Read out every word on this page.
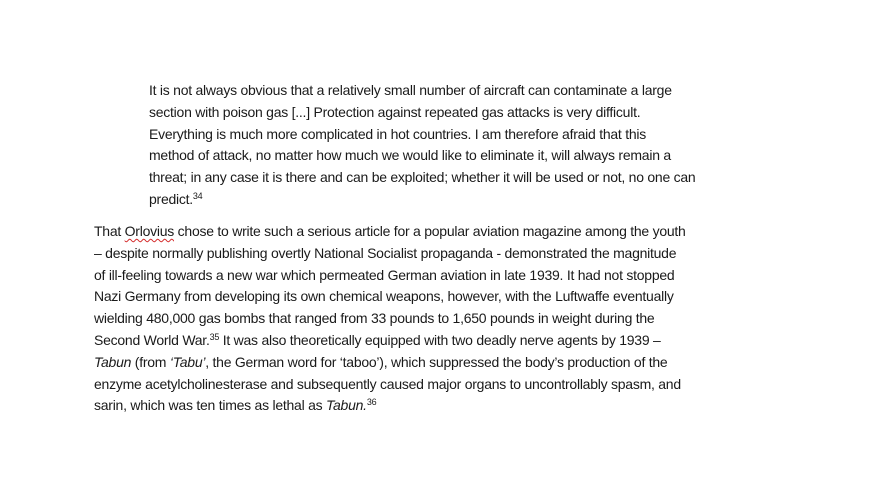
It is not always obvious that a relatively small number of aircraft can contaminate a large
section with poison gas [...] Protection against repeated gas attacks is very difficult.
Everything is much more complicated in hot countries. I am therefore afraid that this
method of attack, no matter how much we would like to eliminate it, will always remain a
threat; in any case it is there and can be exploited; whether it will be used or not, no one can
predict.$^{34}$

That Orlovius chose to write such a serious article for a popular aviation magazine among the youth
– despite normally publishing overtly National Socialist propaganda - demonstrated the magnitude
of ill-feeling towards a new war which permeated German aviation in late 1939. It had not stopped
Nazi Germany from developing its own chemical weapons, however, with the Luftwaffe eventually
wielding 480,000 gas bombs that ranged from 33 pounds to 1,650 pounds in weight during the
Second World War.$^{35}$ It was also theoretically equipped with two deadly nerve agents by 1939 –
Tabun (from ‘Tabu’, the German word for ‘taboo’), which suppressed the body’s production of the
enzyme acetylcholinesterase and subsequently caused major organs to uncontrollably spasm, and
sarin, which was ten times as lethal as Tabun.$^{36}$
